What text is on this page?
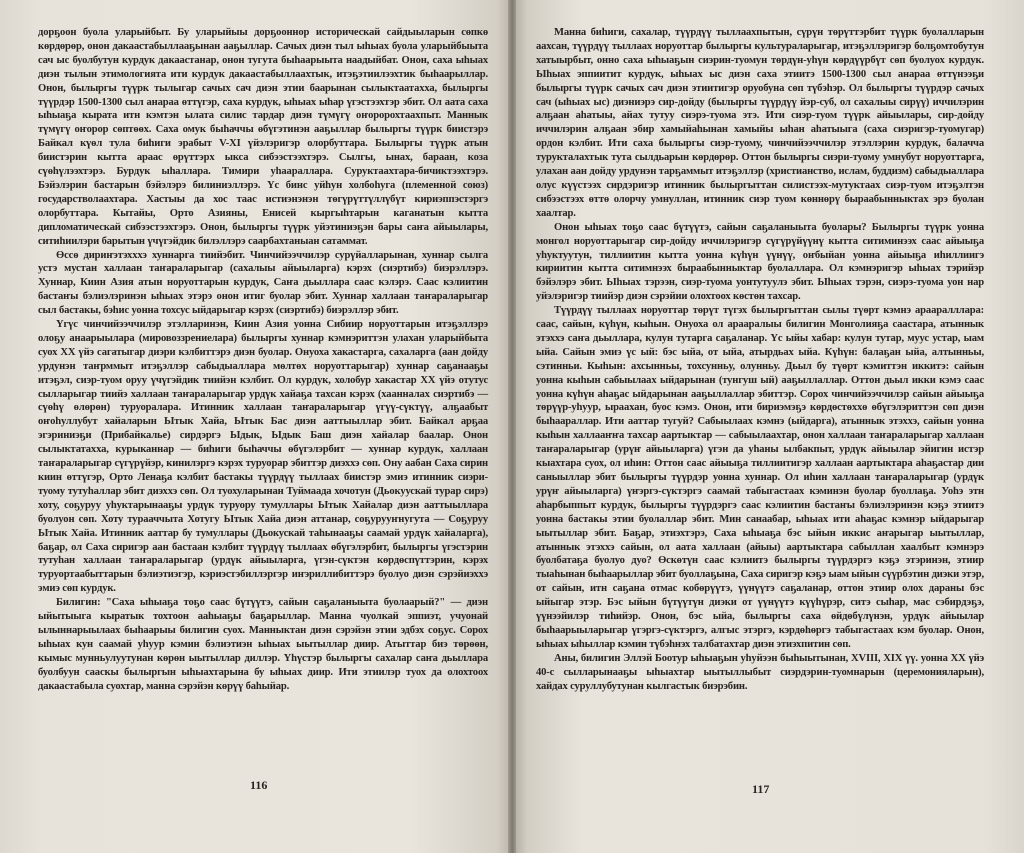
дорҕоон буола уларыйбыт. Бу уларыйыы дорҕооннор историческай сайдыыларын сөпкө көрдөрөр, онон дакаастабыллааҕынан ааҕыллар. Сачых диэн тыл ыһыах буола уларыйбыыта сач ыс буолбутун курдук дакаастанар, онон тугута быһаарыыта наадыйбат. Онон, саха ыһыах диэн тылын этимологията ити курдук дакаастабыллаахтык, итэҕэтиилээхтик быһаарыллар. Онон, былыргы түүрк тылыгар сачых сач диэн этии баарынан сылыктаатахха, былыргы түүрдэр 1500-1300 сыл анараа өттүгэр, саха курдук, ыһыах ыһар үгэстээхтэр эбит. Ол аата саха ыһыаҕа кырата итн кэмтэн ылата силис тардар диэн түмүгү оҥоророхтаахпыт. Маннык түмүгү оҥорор сөптөөх. Саха омук быһаччы өбүгэтинэн ааҕыллар былыргы түүрк биистэрэ Байкал күөл тула биһиги эрабыт V-XI үйэлэригэр олорбуттара. Былыргы түүрк атын биистэрин кытта арааc өрүттэрх ыкса сибээстээхтэрэ. Сылгы, ынах, бараан, коза сүөһүлээхтэрэ. Бурдук ыһаллара. Тимири уһаараллара. Суруктаахтара-бичиктээхтэрэ. Бэйэлэрин бастарын бэйэлэрэ билиниэллэрэ. Үс бинс уйһун холбоһуга (племенной союз) государстволаахтара. Хастыы да хос таас истиэнэнэн төгүрүттүллүбүт кириэппэстэргэ олорбуттара. Кытайы, Орто Азияны, Енисей кыргыһтарын каганатын кытта дипломатическай сибээстээхтэрэ. Онон, былыргы түүрк уйэтиниэҕэн бары саҥа айыылары, ситиһиилэри барытын үчүгэйдик билэллэрэ саарбахтаныан сатаммат.

Өссө дириҥэтэхххэ хуннарга тиийэбит. Чинчийээччилэр сурүйалларынан, хуннар сылга устэ мустан халлаан таҥараларыгар (сахалыы айыыларга) кэрэх (сиэртибэ) биэрэллэрэ. Хуннар, Киин Азия атын норуоттарын курдук, Саҥа дьыллара саас кэлэрэ. Саас кэлиитин бастаҥы бэлиэлэринэн ыһыах этэрэ онон итиг буолар эбит. Хуннар халлаан таҥараларыгар сыл бастакы, бэһис уонна тохсус ыйдарыгар кэрэх (сиэртибэ) биэрэллэр эбит.

Үгүс чинчийээччилэр этэлларинэн, Киин Азия уонна Сибиир норуоттарын итэҕэллэрэ олоҕу анаарыылара (мировоззрениелара) былыргы хуннар кэмнэриттэн улахан уларыйбыта суох ХХ үйэ сагатыгар диэри кэлбиттэрэ диэн буолар. Онуоха хакастарга, сахаларга (аан дойду урдунэн таҥрммыт итэҕэллэр сабыдыаллара мөлтөх норуоттарыгар) хуннар саҕанааҕы итэҕэл, сиэр-туом оруу үчүгэйдик тиийэн кэлбит. Ол курдук, холобур хакастар ХХ үйэ отутус сылларыгар тиийэ халлаан таҥараларыгар урдүк хайаҕа тахсан кэрэх (хаанналах сиэртибэ — сүөһү өлөрөн) туруоралара. Итинник халлаан таҥараларыгар үгүү-сүктүү, алҕаабыт оҥоһуллубут хайаларын Ытык Хайа, Ытык Бас диэн ааттыыллар эбит. Байкал арҕаа эгэриниэҕи (Прибайкалье) сирдэргэ Ыдык, Ыдык Баш диэн хайалар баалар. Онон сылыктатахха, курыканнар — биһиги быһаччы өбүгэлэрбит — хуннар курдук, халлаан таҥараларыгар сүгүрүйэр, кинилэргэ кэрэх туруорар эбиттэр диэххэ сөп. Ону аабан Саха сирин киин өттүгэр, Орто Ленаҕа кэлбит бастакы түүрдүү тыллаах биистэр эмиэ итинник сиэри-туому тутуһаллар эбит диэххэ сөп. Ол туохуларынан Туймаада хочотун (Дьокуускай турар сирэ) хоту, соҕуруу уһуктарынааҕы урдүк туруору тумуллары Ытык Хайалар диэн ааттыыллара буолуон сөп. Хоту турааччыта Хотугу Ытык Хайа диэн аттанар, соҕурууҥнугута — Соҕуруу Ытык Хайа. Итинник ааттар бу тумуллары (Дьокускай таһынааҕы саамай урдүк хайаларга), баҕар, ол Саха сиригэр аан бастаан кэлбит түүрдүү тыллаах өбүгэлэрбит, былыргы үгэстэрин тутуһан халлаан таҥараларыгар (урдүк айыыларга, үгэн-сүктэн көрдөспүттэрин, кэрэх туруортаабыттарын бэлиэтиэгэр, кэриэстэбиллэргэр иҥэриллибиттэрэ буолуо диэн сэрэйиэххэ эмиэ сөп курдук.

Билигин: "Саха ыһыаҕа тоҕо саас бүтүүтэ, сайын саҕаланыыта буолаарый?" — диэн ыйытыыга кыратык тохтоон ааһыаҕы баҕарыллар. Манна чуолкай эппиэт, учуонай ылыннарыылаах быһаарыы билигин суох. Манныктан диэн сэрэйэн этии эдбэх соҕус. Сорох ыһыах кун саамай уһуур кэмин бэлиэтиэн ыһыах ыытыллар диир. Атыттар биэ төрөөн, кымыс мунньулуутунан көрөн ыытыллар диллэр. Үһүстэр былыргы сахалар саҥа дьыллара буолбуун сааскы былыргын ыһыахтарына бу ыһыах диир. Ити этиилэр туох да олохтоох дакаастабыла суохтар, манна сэрэйэн көрүү баһыйар.

116

Манна биһиги, сахалар, түүрдүү тыллаахпытын, сүрүн төрүттэрбит түүрк буолалларын аахсан, түүрдүү тыллаах норуоттар былыргы культураларыгар, итэҕэллэригэр болҕомтобутун хатыырбыт, онно саха ыһыаҕын сиэрин-туомун төрдүн-уһүн көрдүүрбүт сөп буолуох курдук. Ыһыах эппиитит курдук, ыһыах ыс диэн саха этиитэ 1500-1300 сыл анараа өттүнээҕи былыргы түүрк сачых сач диэн этиитигэр оруобуна сөп түбэһэр. Ол былыргы түүрдэр сачых сач (ыһыах ыс) диэниэрэ сир-дойду (былыргы түүрдүү йэр-суб, ол сахалыы сирүү) иччилэрин алҕаан аһатыы, айах тутуу сиэрэ-туома этэ. Ити сиэр-туом түүрк айыылары, сир-дойду иччилэрин алҕаан эбир хамыйаһынан хамыйы ыһан аһатыыга (саха сиэригэр-туомугар) ордон кэлбит. Ити саха былыргы сиэр-туому, чинчийээччилэр этэллэрин курдук, балачча турукталахтык тута сылдьарын көрдөрөр. Оттон былыргы сиэри-туому умнубут норуоттарга, улахан аан дойду урдунэн тарҕаммыт итэҕэллэр (христианство, ислам, буддизм) сабыдыаллара олус күүстээх сирдэригэр итинник былыргыттан силистээх-мутуктаах сиэр-туом итэҕэлтэн сибээстээх өттө олорчу умнуллан, итинник сиэр туом көннөрү быраабынныктах эрэ буолан хаалтар.

Онон ыһыах тоҕо саас бүтүүтэ, сайын саҕаланыыта буолары? Былыргы түүрк уонна монгол норуоттарыгар сир-дойду иччилэригэр сүгүрүйүүнү кытта ситиминээх саас айыыҕа уһуктуутун, тиллиитин кытта уонна күһүн үүнүү, оҥбыйан уонна айыыҕа иһиллиигэ кириитин кытта ситимнээх быраабынныктар буолаллара. Ол кэмнэригэр ыһыах тэрийэр бэйэлэрэ эбит. Ыһыах тэрээн, сиэр-туома уонтутуулэ эбит. Ыһыах тэрэн, сиэрэ-туома уон нар уйэлэригэр тиийэр диэн сэрэйии олохтоох көстөн тахсар.

Түүрдүү тыллаах норуоттар төрүт түгэх былыргыттан сылы түөрт кэмнэ арааралллара: саас, сайын, күһүн, кыһын. Онуоха ол арааралыы билигин Монголияҕа саастара, атыннык этэххэ саҥа дьыллара, кулун тутарга саҕаланар. Үс ыйы хабар: кулун тутар, муус устар, ыам ыйа. Сайын эмиэ үс ый: бэс ыйа, от ыйа, атырдьах ыйа. Күһүн: балаҕан ыйа, алтынньы, сэтинньи. Кыһын: ахсынньы, тохсунньу, олунньу. Дьыл бу түөрт кэмиттэн иккитэ: сайын уонна кыһын сабыылаах ыйдарынан (тунгуш ый) ааҕыллаллар. Оттон дьыл икки кэмэ саас уонна күһүн аһаҕас ыйдарынан ааҕыллаллар эбиттэр. Сорох чинчийээччилэр сайын айыыҕа төрүүр-уһуур, ыраахан, буос кэмэ. Онон, ити бириэмэҕэ көрдөстөххө өбүгэлэриттэн сөп диэн быһаараллар. Ити ааттар тугуй? Сабыылаах кэмнэ (ыйдарга), атыннык этэххэ, сайын уонна кыһын халлааҥҥа тахсар аартыктар — сабыылаахтар, онон халлаан таҥараларыгар халлаан таҥараларыгар (урүҥ айыыларга) үгэн да уһаны ылбакпыт, урдүк айыылар эйигин истэр кыахтара суох, ол иһин: Оттон саас айыыҕа тиллиитигэр халлаан аартыктара аһаҕастар дии саныыллар эбит былыргы түүрдэр уонна хуннар. Ол иһин халлаан таҥараларыгар (урдүк урүҥ айыыларга) үҥэргэ-сүктэргэ саамай табыгастаах кэминэн буолар буоллаҕа. Уоһэ этн аһарбыппыт курдук, былыргы түүрдэргэ саас кэлиитин бастаҥы бэлиэлэринэн кэҕэ этиитэ уонна бастакы этии буолаллар эбит. Мин санаабар, ыһыах ити аһаҕас кэмнэр ыйдарыгар ыытыллар эбит. Баҕар, этиэхтэрэ, Саха ыһыаҕа бэс ыйын иккис аҥарыгар ыытыллар, атыннык этэххэ сайын, ол аата халлаан (айыы) аартыктара сабыллан хаалбыт кэмнэрэ буолбатаҕа буолуо дуо? Өскөтүн саас кэлиитэ былыргы түүрдэргэ кэҕэ этэринэн, этиир тыаһынан быһаарыллар эбит буоллаҕына, Саха сиригэр кэҕэ ыам ыйын сүүрбэтин диэки этэр, от сайын, итн саҕана отмас кобөрүүтэ, үүнүүтэ саҕаланар, оттон этиир олох дараны бэс ыйыгар этэр. Бэс ыйын бүтүүтүн диэки от үүнүүтэ күүһүрэр, ситэ сыһар, мас сэбирдэҕэ, үүнээйилэр тиһийэр. Онон, бэс ыйа, былыргы саха өйдөбүлүнэн, урдүк айыылар быһаарыыларыгар үгэргэ-сүктэргэ, алгыс этэргэ, кэрдөһөргэ табыгастаах кэм буолар. Онон, ыһыах ыһыллар кэмин түбэһнэх талбатахтар диэн этиэхпитин сөп.

Аны, билигин Эллэй Боотур ыһыаҕын уһуйээн быһыытынан, XVIII, XIX үү. уонна ХХ үйэ 40-с сылларынааҕы ыһыахтар ыытыллыбыт сиэрдэрин-туомнарын (церемонияларын), хайдах суруллубутунан кылгастык биэрэбин.

117
